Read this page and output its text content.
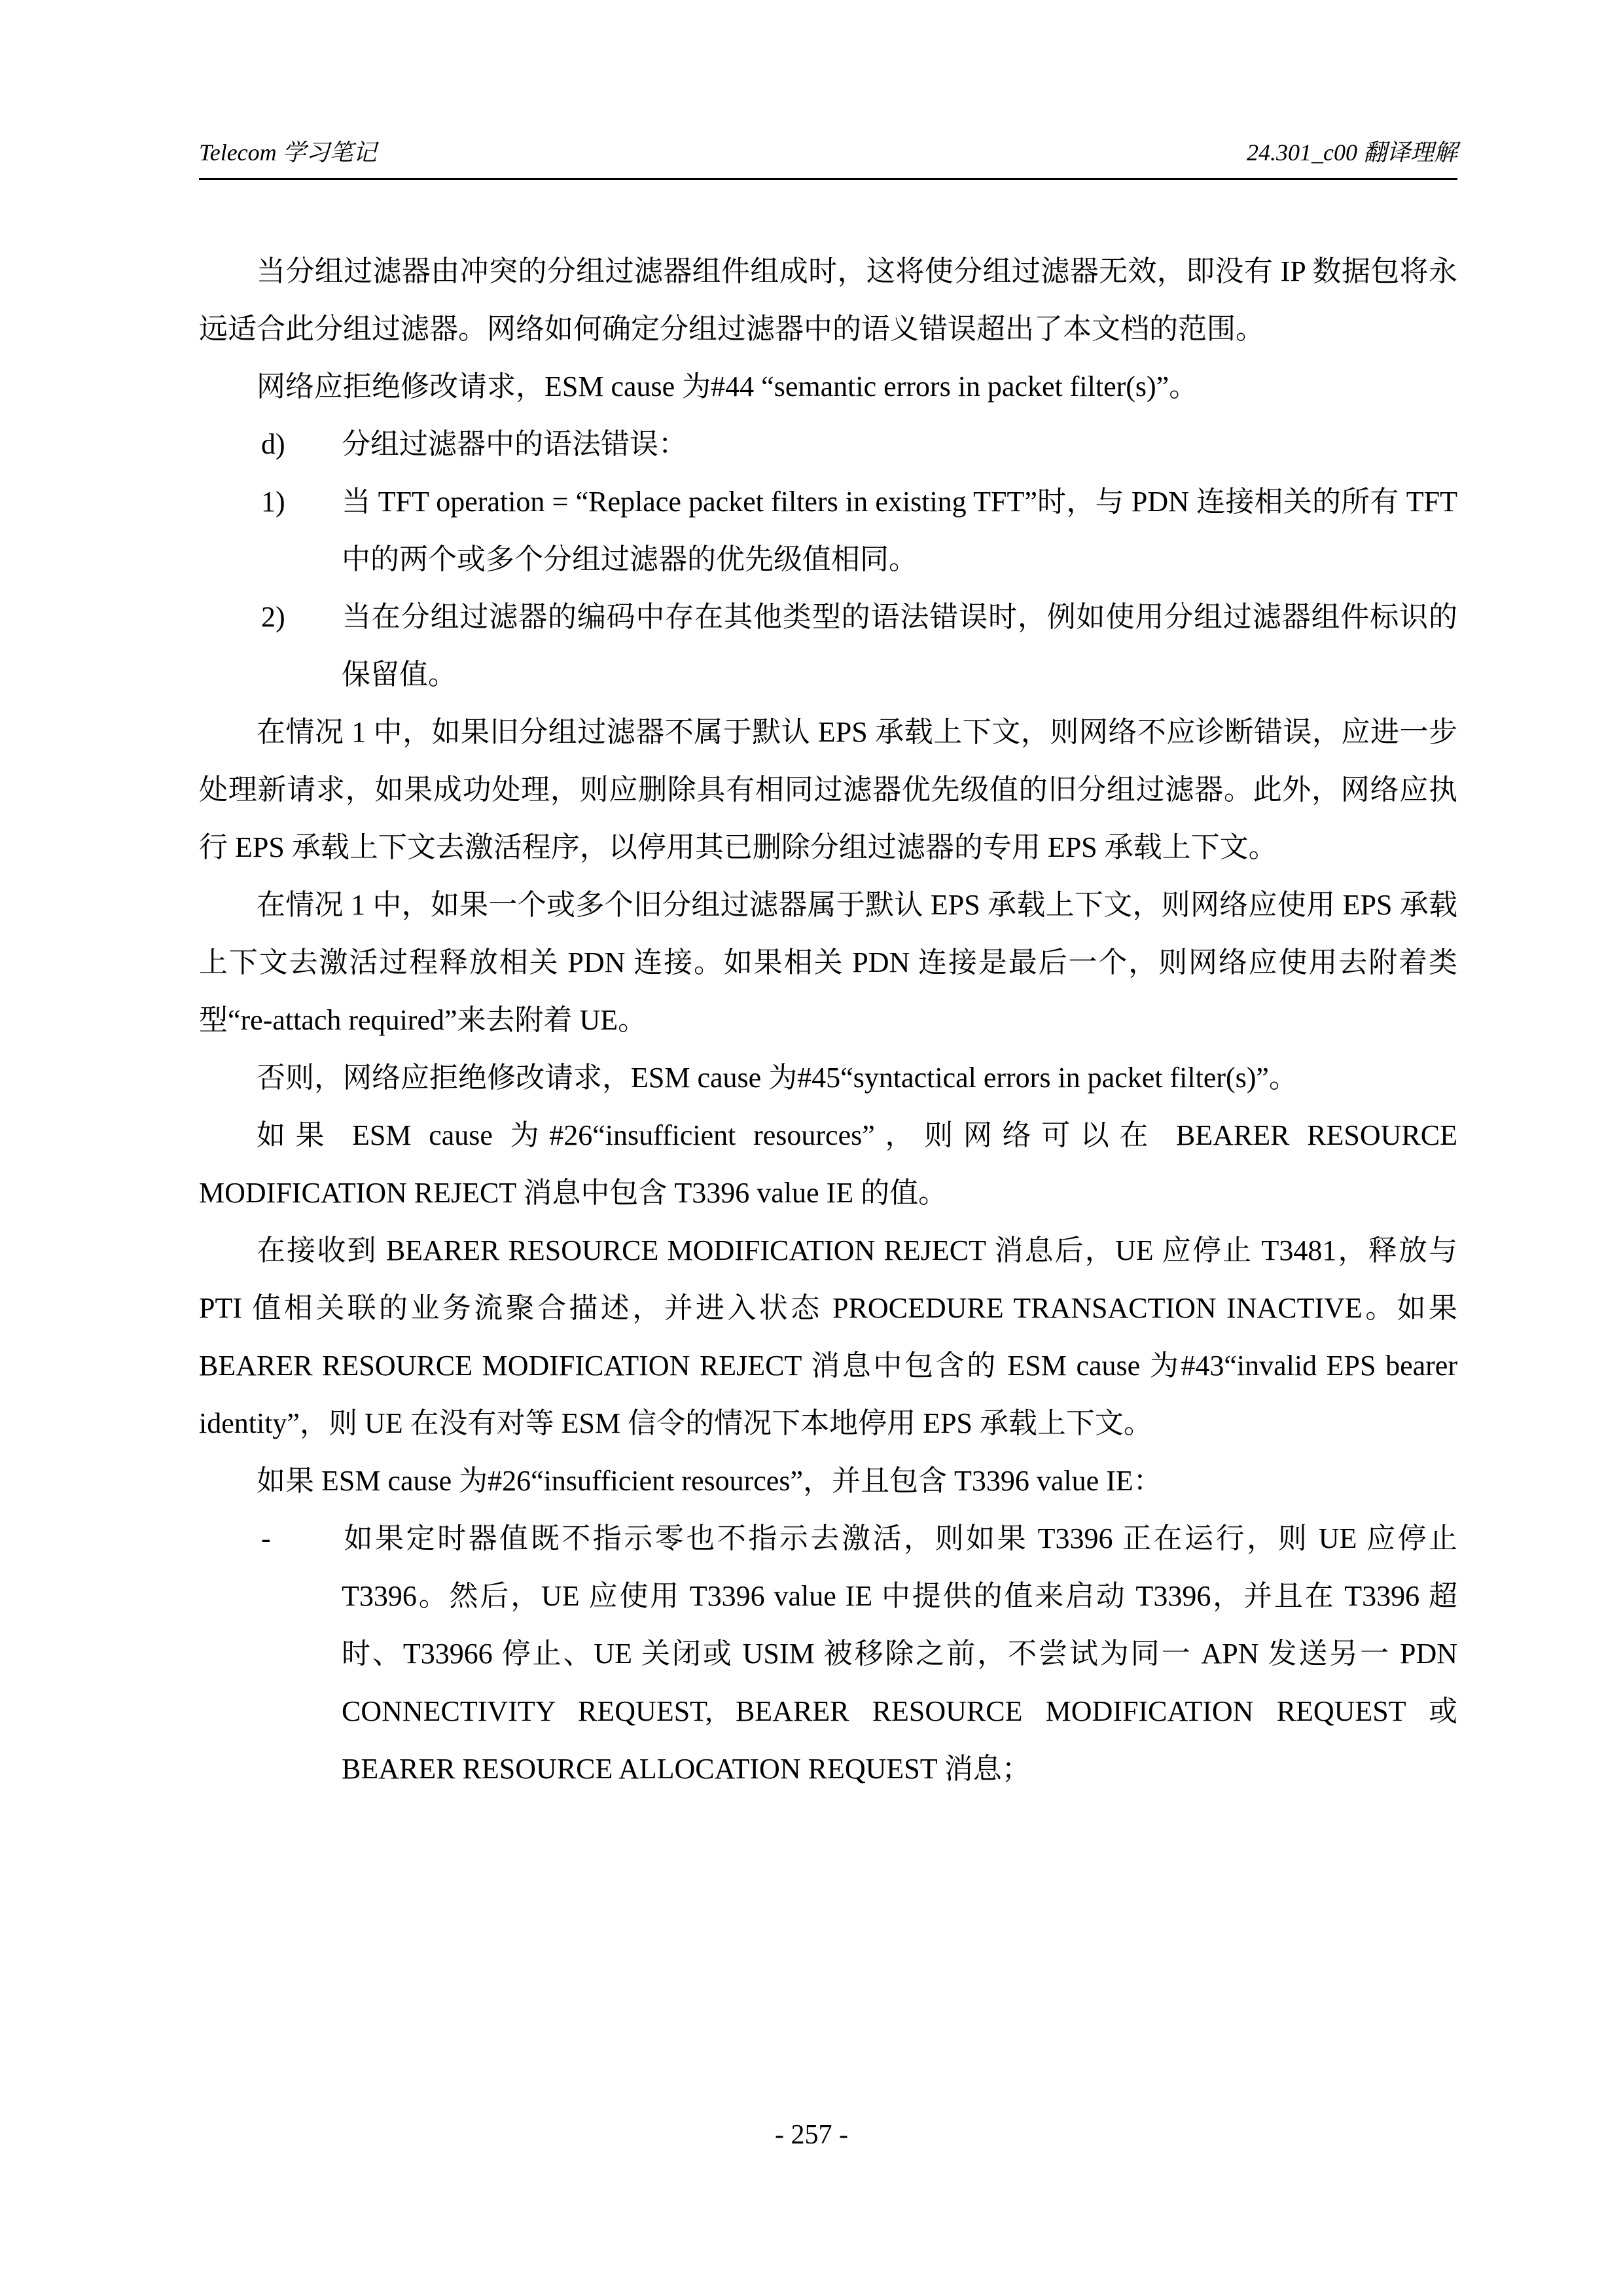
Telecom 学习笔记	24.301_c00 翻译理解

当分组过滤器由冲突的分组过滤器组件组成时，这将使分组过滤器无效，即没有 IP 数据包将永远适合此分组过滤器。网络如何确定分组过滤器中的语义错误超出了本文档的范围。

网络应拒绝修改请求，ESM cause 为#44 “semantic errors in packet filter(s)”。

d) 分组过滤器中的语法错误：
1) 当 TFT operation = “Replace packet filters in existing TFT”时，与 PDN 连接相关的所有 TFT 中的两个或多个分组过滤器的优先级值相同。
2) 当在分组过滤器的编码中存在其他类型的语法错误时，例如使用分组过滤器组件标识的保留值。

在情况 1 中，如果旧分组过滤器不属于默认 EPS 承载上下文，则网络不应诊断错误，应进一步处理新请求，如果成功处理，则应删除具有相同过滤器优先级值的旧分组过滤器。此外，网络应执行 EPS 承载上下文去激活程序，以停用其已删除分组过滤器的专用 EPS 承载上下文。

在情况 1 中，如果一个或多个旧分组过滤器属于默认 EPS 承载上下文，则网络应使用 EPS 承载上下文去激活过程释放相关 PDN 连接。如果相关 PDN 连接是最后一个，则网络应使用去附着类型“re-attach required”来去附着 UE。

否则，网络应拒绝修改请求，ESM cause 为#45“syntactical errors in packet filter(s)”。

如果 ESM cause 为#26“insufficient resources”，则网络可以在 BEARER RESOURCE MODIFICATION REJECT 消息中包含 T3396 value IE 的值。

在接收到 BEARER RESOURCE MODIFICATION REJECT 消息后，UE 应停止 T3481，释放与 PTI 值相关联的业务流聚合描述，并进入状态 PROCEDURE TRANSACTION INACTIVE。如果 BEARER RESOURCE MODIFICATION REJECT 消息中包含的 ESM cause 为#43“invalid EPS bearer identity”，则 UE 在没有对等 ESM 信令的情况下本地停用 EPS 承载上下文。

如果 ESM cause 为#26“insufficient resources”，并且包含 T3396 value IE：

- 如果定时器值既不指示零也不指示去激活，则如果 T3396 正在运行，则 UE 应停止 T3396。然后，UE 应使用 T3396 value IE 中提供的值来启动 T3396，并且在 T3396 超时、T33966 停止、UE 关闭或 USIM 被移除之前，不尝试为同一 APN 发送另一 PDN CONNECTIVITY REQUEST, BEARER RESOURCE MODIFICATION REQUEST 或 BEARER RESOURCE ALLOCATION REQUEST 消息；
- 257 -
